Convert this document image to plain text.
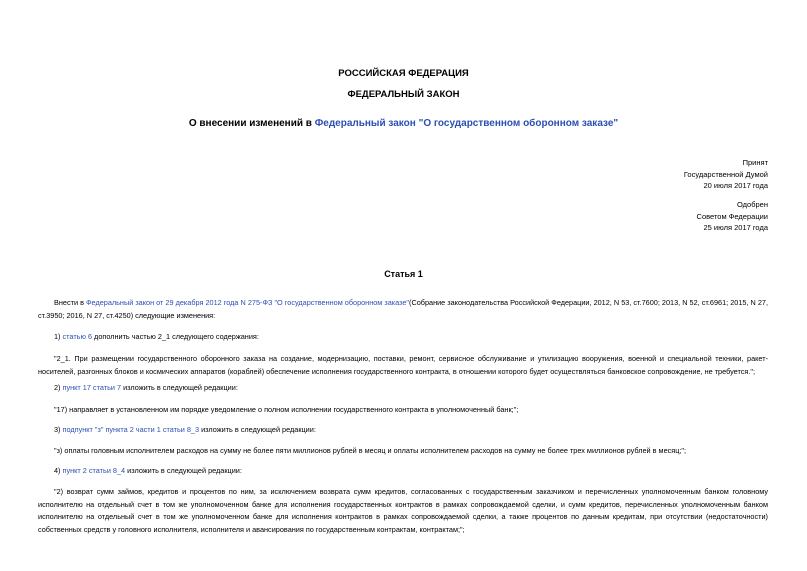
РОССИЙСКАЯ ФЕДЕРАЦИЯ
ФЕДЕРАЛЬНЫЙ ЗАКОН
О внесении изменений в Федеральный закон "О государственном оборонном заказе"
Принят
Государственной Думой
20 июля 2017 года
Одобрен
Советом Федерации
25 июля 2017 года
Статья 1
Внести в Федеральный закон от 29 декабря 2012 года N 275-ФЗ "О государственном оборонном заказе"(Собрание законодательства Российской Федерации, 2012, N 53, ст.7600; 2013, N 52, ст.6961; 2015, N 27, ст.3950; 2016, N 27, ст.4250) следующие изменения:
1) статью 6 дополнить частью 2_1 следующего содержания:
"2_1. При размещении государственного оборонного заказа на создание, модернизацию, поставки, ремонт, сервисное обслуживание и утилизацию вооружения, военной и специальной техники, ракет-носителей, разгонных блоков и космических аппаратов (кораблей) обеспечение исполнения государственного контракта, в отношении которого будет осуществляться банковское сопровождение, не требуется.";
2) пункт 17 статьи 7 изложить в следующей редакции:
"17) направляет в установленном им порядке уведомление о полном исполнении государственного контракта в уполномоченный банк;";
3) подпункт "з" пункта 2 части 1 статьи 8_3 изложить в следующей редакции:
"з) оплаты головным исполнителем расходов на сумму не более пяти миллионов рублей в месяц и оплаты исполнителем расходов на сумму не более трех миллионов рублей в месяц;";
4) пункт 2 статьи 8_4 изложить в следующей редакции:
"2) возврат сумм займов, кредитов и процентов по ним, за исключением возврата сумм кредитов, согласованных с государственным заказчиком и перечисленных уполномоченным банком головному исполнителю на отдельный счет в том же уполномоченном банке для исполнения государственных контрактов в рамках сопровождаемой сделки, и сумм кредитов, перечисленных уполномоченным банком исполнителю на отдельный счет в том же уполномоченном банке для исполнения контрактов в рамках сопровождаемой сделки, а также процентов по данным кредитам, при отсутствии (недостаточности) собственных средств у головного исполнителя, исполнителя и авансирования по государственным контрактам, контрактам;";
